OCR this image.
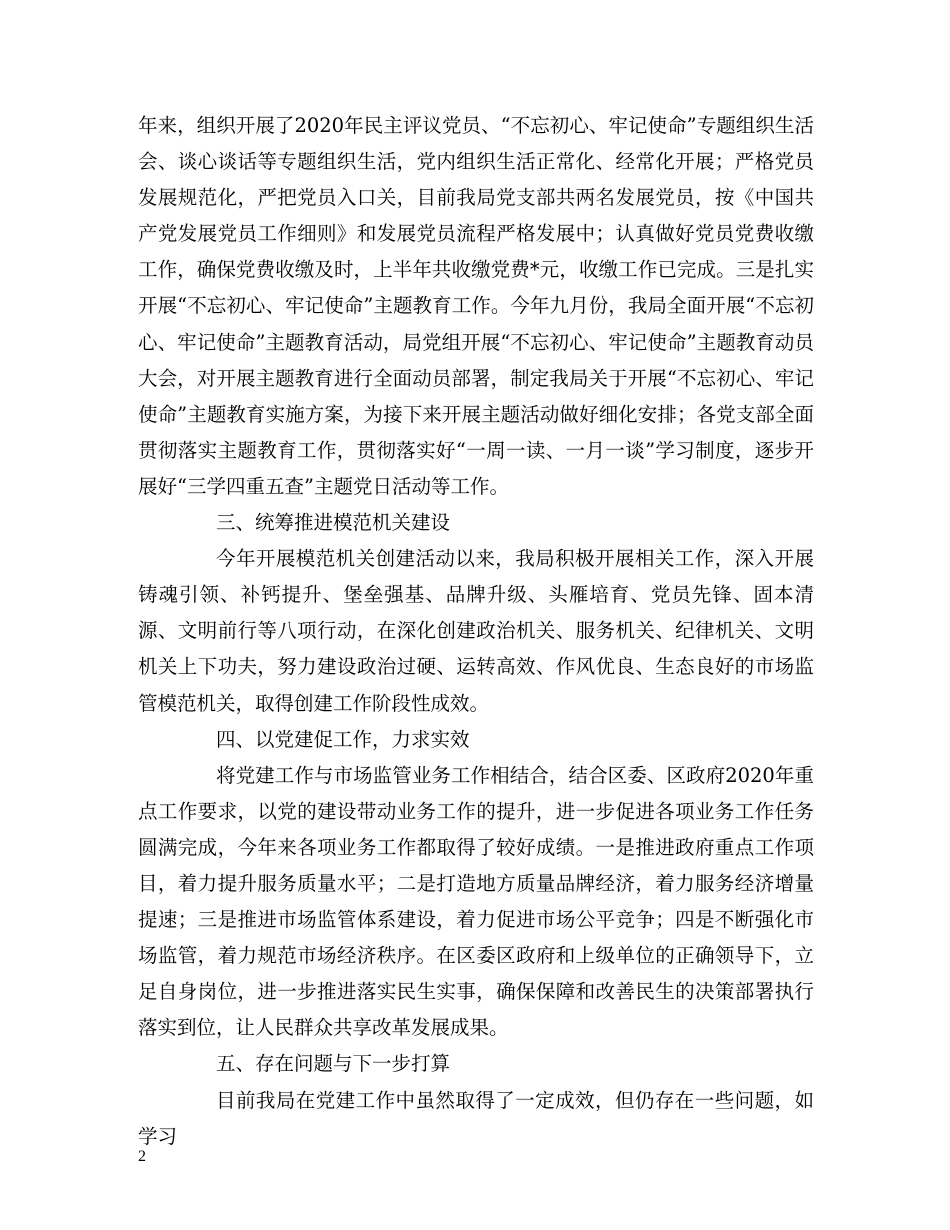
年来，组织开展了2020年民主评议党员、“不忘初心、牢记使命”专题组织生活会、谈心谈话等专题组织生活，党内组织生活正常化、经常化开展；严格党员发展规范化，严把党员入口关，目前我局党支部共两名发展党员，按《中国共产党发展党员工作细则》和发展党员流程严格发展中；认真做好党员党费收缴工作，确保党费收缴及时，上半年共收缴党费*元，收缴工作已完成。三是扎实开展“不忘初心、牢记使命”主题教育工作。今年九月份，我局全面开展“不忘初心、牢记使命”主题教育活动，局党组开展“不忘初心、牢记使命”主题教育动员大会，对开展主题教育进行全面动员部署，制定我局关于开展“不忘初心、牢记使命”主题教育实施方案，为接下来开展主题活动做好细化安排；各党支部全面贯彻落实主题教育工作，贯彻落实好“一周一读、一月一谈”学习制度，逐步开展好“三学四重五查”主题党日活动等工作。

三、统筹推进模范机关建设

今年开展模范机关创建活动以来，我局积极开展相关工作，深入开展铸魂引领、补钙提升、堡垒强基、品牌升级、头雁培育、党员先锋、固本清源、文明前行等八项行动，在深化创建政治机关、服务机关、纪律机关、文明机关上下功夫，努力建设政治过硬、运转高效、作风优良、生态良好的市场监管模范机关，取得创建工作阶段性成效。

四、以党建促工作，力求实效

将党建工作与市场监管业务工作相结合，结合区委、区政府2020年重点工作要求，以党的建设带动业务工作的提升，进一步促进各项业务工作任务圆满完成，今年来各项业务工作都取得了较好成绩。一是推进政府重点工作项目，着力提升服务质量水平；二是打造地方质量品牌经济，着力服务经济增量提速；三是推进市场监管体系建设，着力促进市场公平竞争；四是不断强化市场监管，着力规范市场经济秩序。在区委区政府和上级单位的正确领导下，立足自身岗位，进一步推进落实民生实事，确保保障和改善民生的决策部署执行落实到位，让人民群众共享改革发展成果。

五、存在问题与下一步打算

目前我局在党建工作中虽然取得了一定成效，但仍存在一些问题，如学习

2
